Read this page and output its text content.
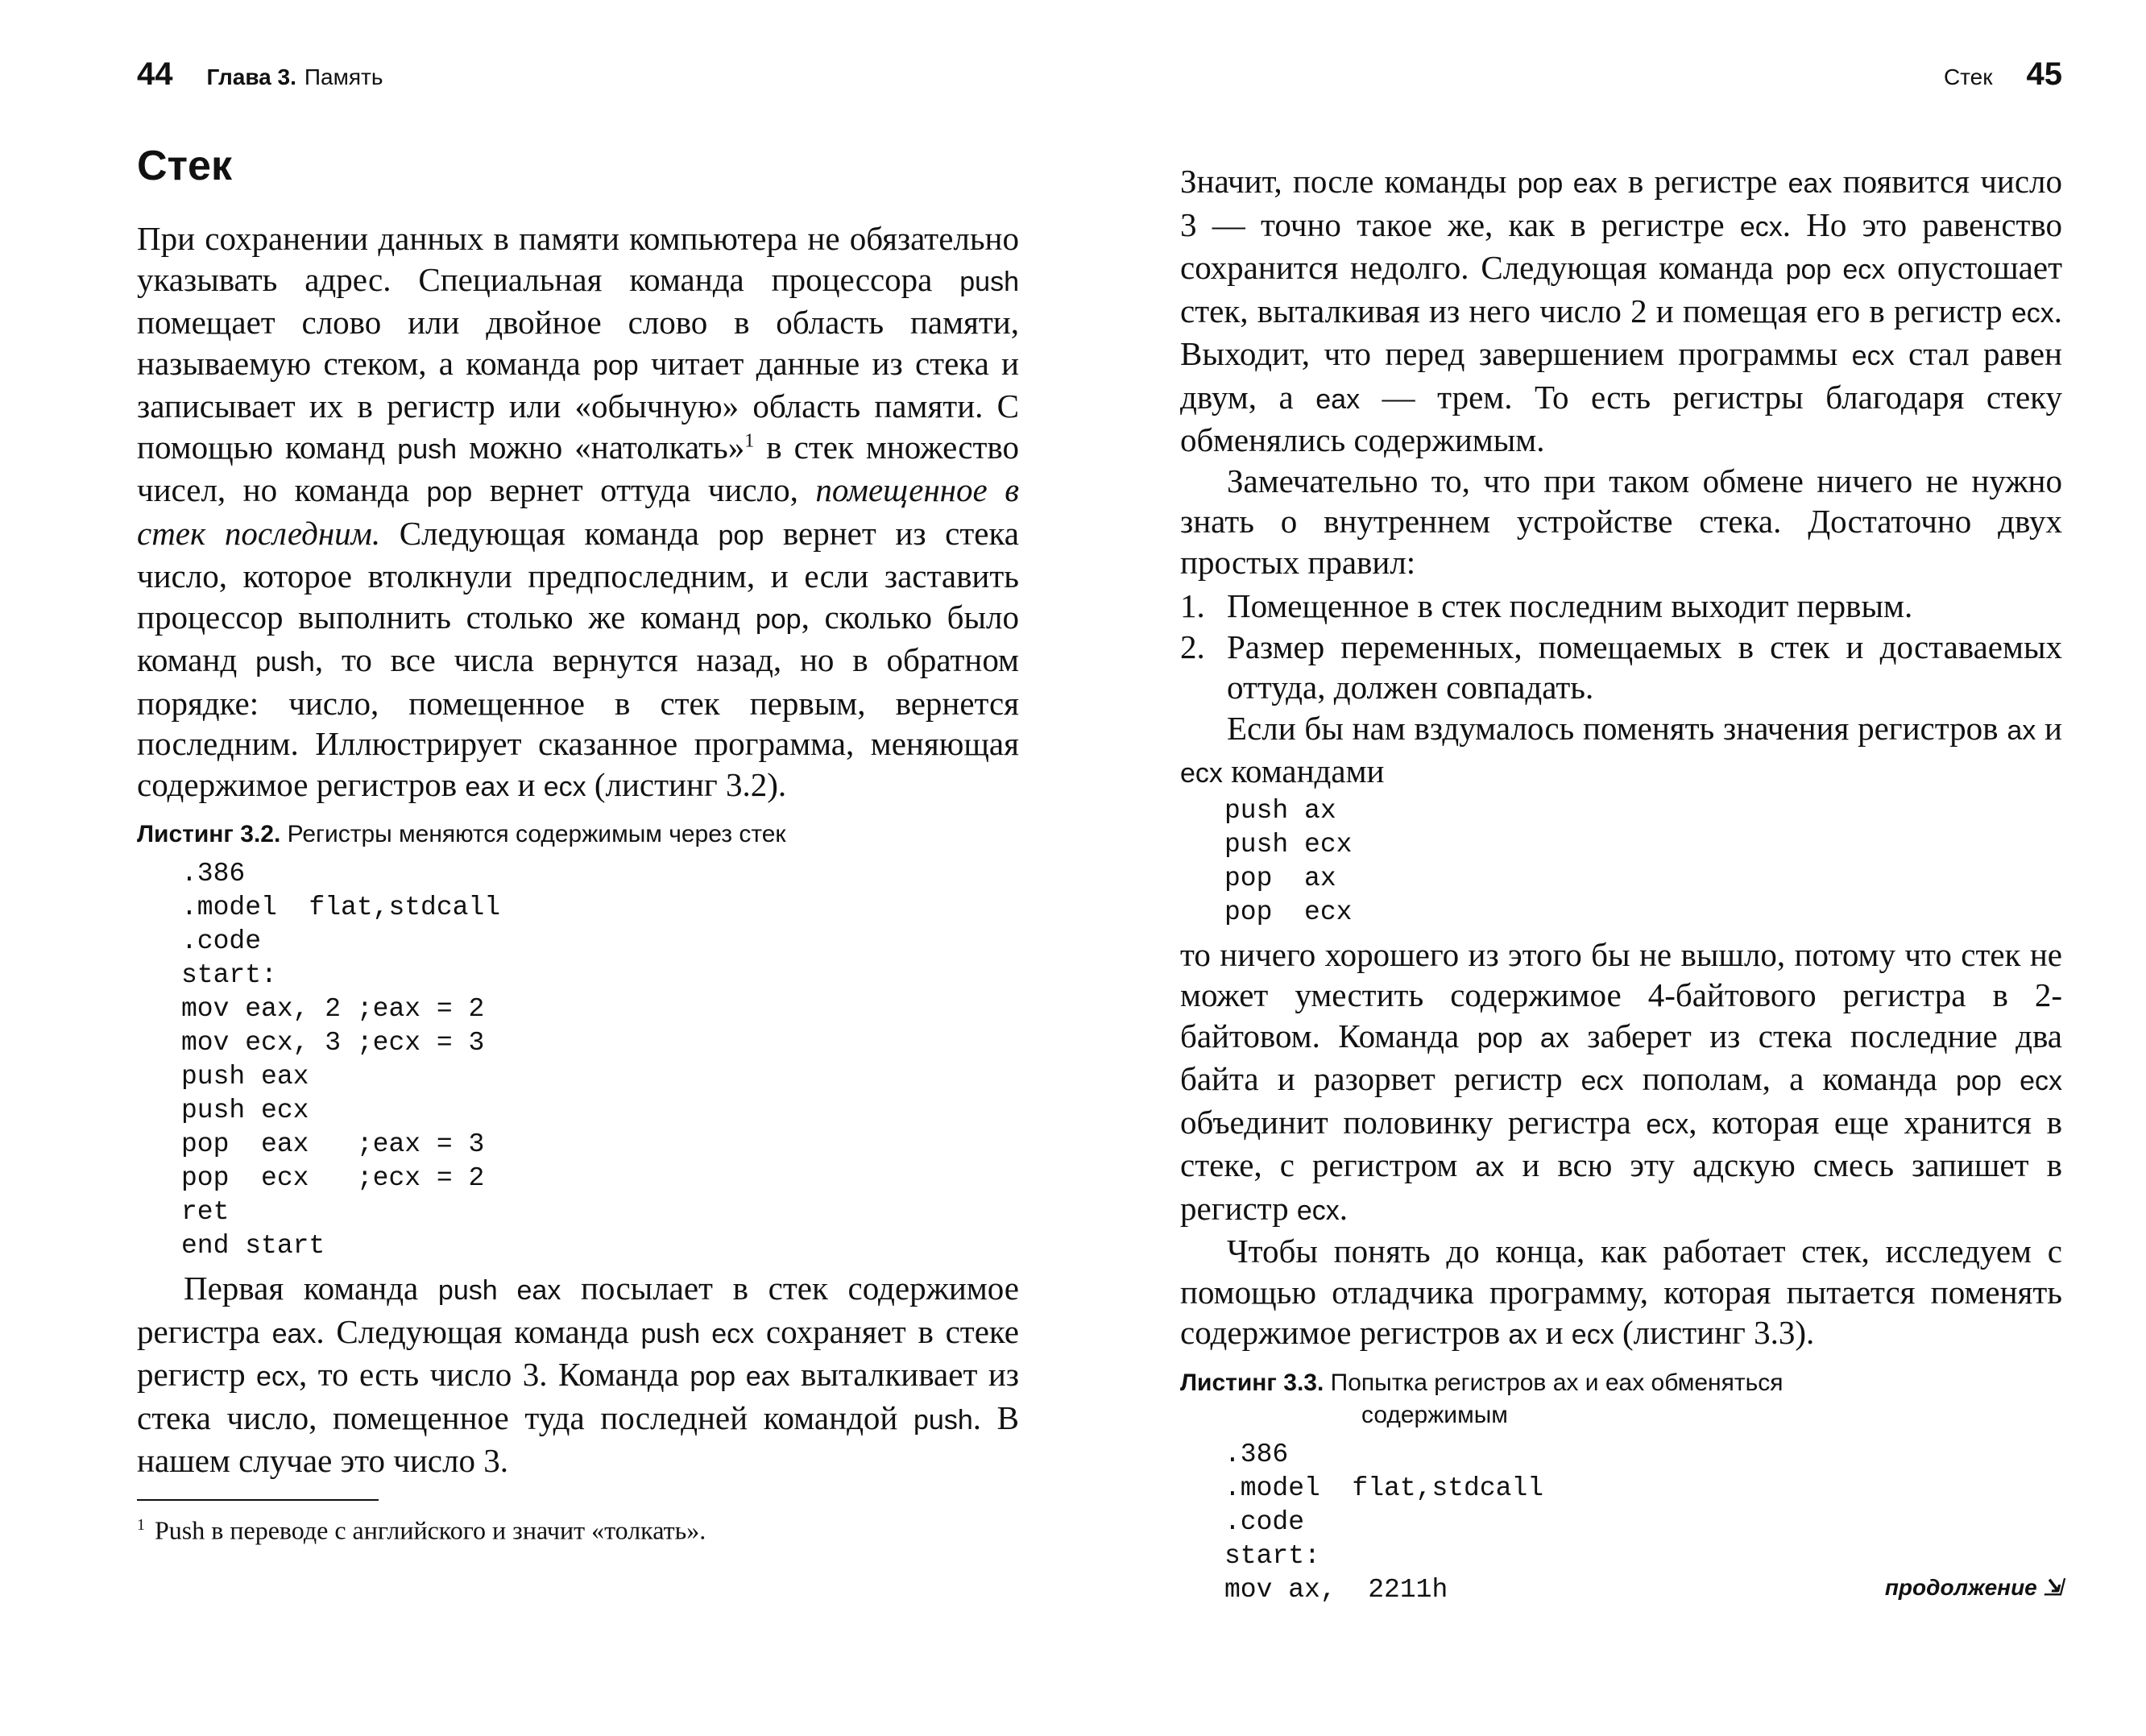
44 Глава 3. Память
Стек

При сохранении данных в памяти компьютера не обязательно указывать адрес. Специальная команда процессора push помещает слово или двойное слово в область памяти, называемую стеком, а команда pop читает данные из стека и записывает их в регистр или «обычную» область памяти. С помощью команд push можно «натолкать»$^1$ в стек множество чисел, но команда pop вернет оттуда число, помещенное в стек последним. Следующая команда pop вернет из стека число, которое втолкнули предпоследним, и если заставить процессор выполнить столько же команд pop, сколько было команд push, то все числа вернутся назад, но в обратном порядке: число, помещенное в стек первым, вернется последним. Иллюстрирует сказанное программа, меняющая содержимое регистров eax и ecx (листинг 3.2).

Листинг 3.2. Регистры меняются содержимым через стек
.386
.model  flat,stdcall
.code
start:
mov eax, 2 ;eax = 2
mov ecx, 3 ;ecx = 3
push eax
push ecx
pop  eax   ;eax = 3
pop  ecx   ;ecx = 2
ret
end start

Первая команда push eax посылает в стек содержимое регистра eax. Следующая команда push ecx сохраняет в стеке регистр ecx, то есть число 3. Команда pop eax выталкивает из стека число, помещенное туда последней командой push. В нашем случае это число 3.

$^1$ Push в переводе с английского и значит «толкать».
Стек 45

Значит, после команды pop eax в регистре eax появится число 3 — точно такое же, как в регистре ecx. Но это равенство сохранится недолго. Следующая команда pop ecx опустошает стек, выталкивая из него число 2 и помещая его в регистр ecx. Выходит, что перед завершением программы ecx стал равен двум, а eax — трем. То есть регистры благодаря стеку обменялись содержимым.

Замечательно то, что при таком обмене ничего не нужно знать о внутреннем устройстве стека. Достаточно двух простых правил:

1. Помещенное в стек последним выходит первым.
2. Размер переменных, помещаемых в стек и доставаемых оттуда, должен совпадать.

Если бы нам вздумалось поменять значения регистров ax и ecx командами

push ax
push ecx
pop  ax
pop  ecx

то ничего хорошего из этого бы не вышло, потому что стек не может уместить содержимое 4-байтового регистра в 2-байтовом. Команда pop ax заберет из стека последние два байта и разорвет регистр ecx пополам, а команда pop ecx объединит половинку регистра ecx, которая еще хранится в стеке, с регистром ax и всю эту адскую смесь запишет в регистр ecx.

Чтобы понять до конца, как работает стек, исследуем с помощью отладчика программу, которая пытается поменять содержимое регистров ax и ecx (листинг 3.3).

Листинг 3.3. Попытка регистров ax и eax обменяться
содержимым
.386
.model  flat,stdcall
.code
start:
mov ax,  2211h	продолжение ⇲
